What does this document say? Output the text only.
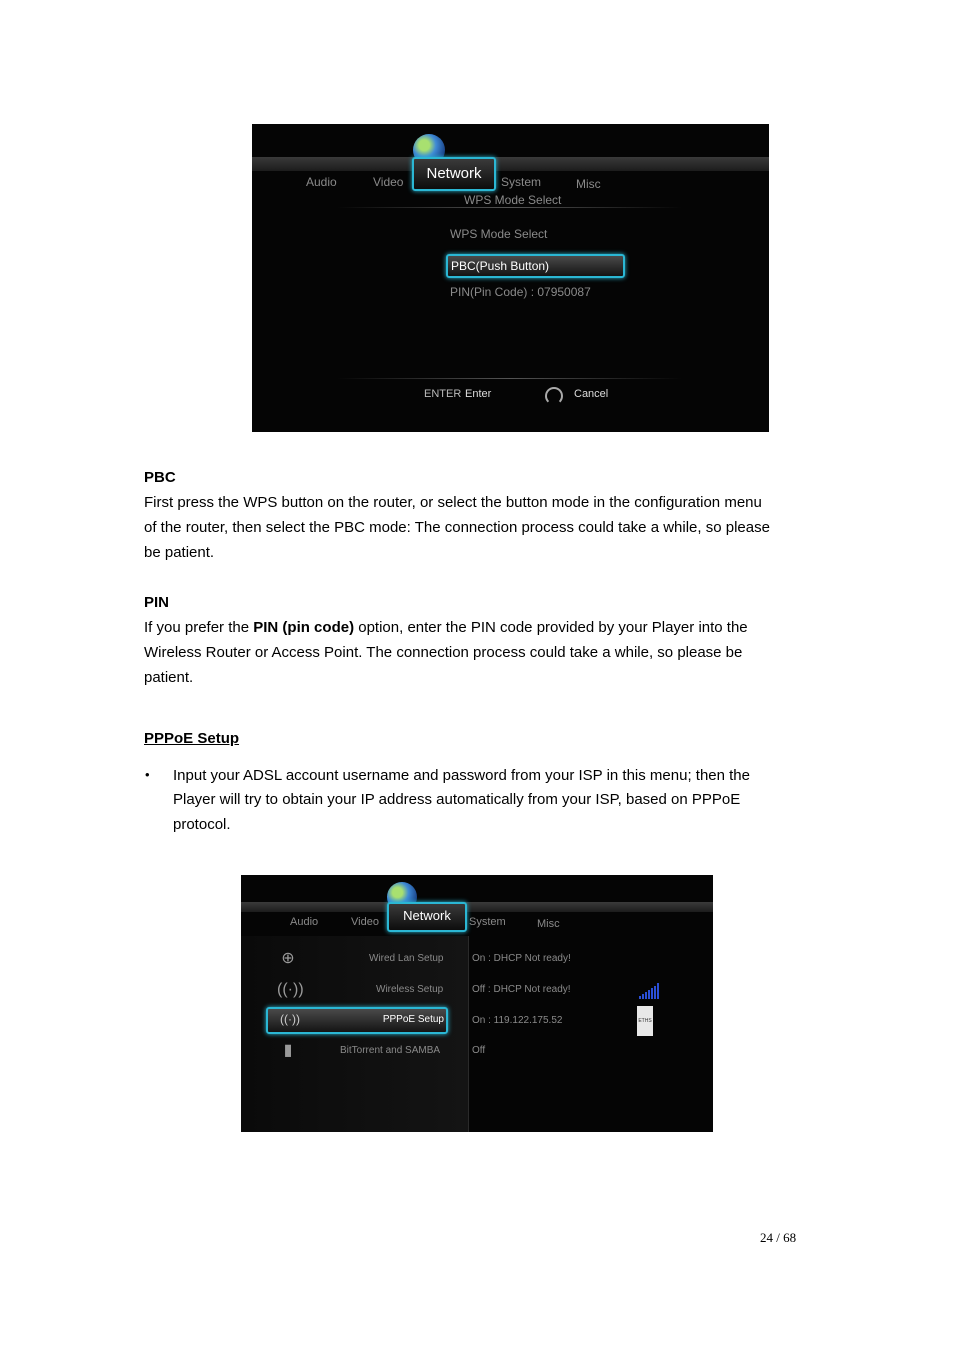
Audio	Video	Network	System	Misc
WPS Mode Select
WPS Mode Select
PBC(Push Button)
PIN(Pin Code) : 07950087
ENTER Enter	Cancel
PBC
First press the WPS button on the router, or select the button mode in the configuration menu
of the router, then select the PBC mode: The connection process could take a while, so please
be patient.
PIN
If you prefer the PIN (pin code) option, enter the PIN code provided by your Player into the
Wireless Router or Access Point. The connection process could take a while, so please be
patient.
PPPoE Setup
• Input your ADSL account username and password from your ISP in this menu; then the
Player will try to obtain your IP address automatically from your ISP, based on PPPoE
protocol.
Audio	Video	Network	System	Misc
⊕	Wired Lan Setup	On : DHCP Not ready!
((·))	Wireless Setup	Off : DHCP Not ready!
((·))	PPPoE Setup	On : 119.122.175.52
▮	BitTorrent and SAMBA	Off
ETHS
24 / 68
